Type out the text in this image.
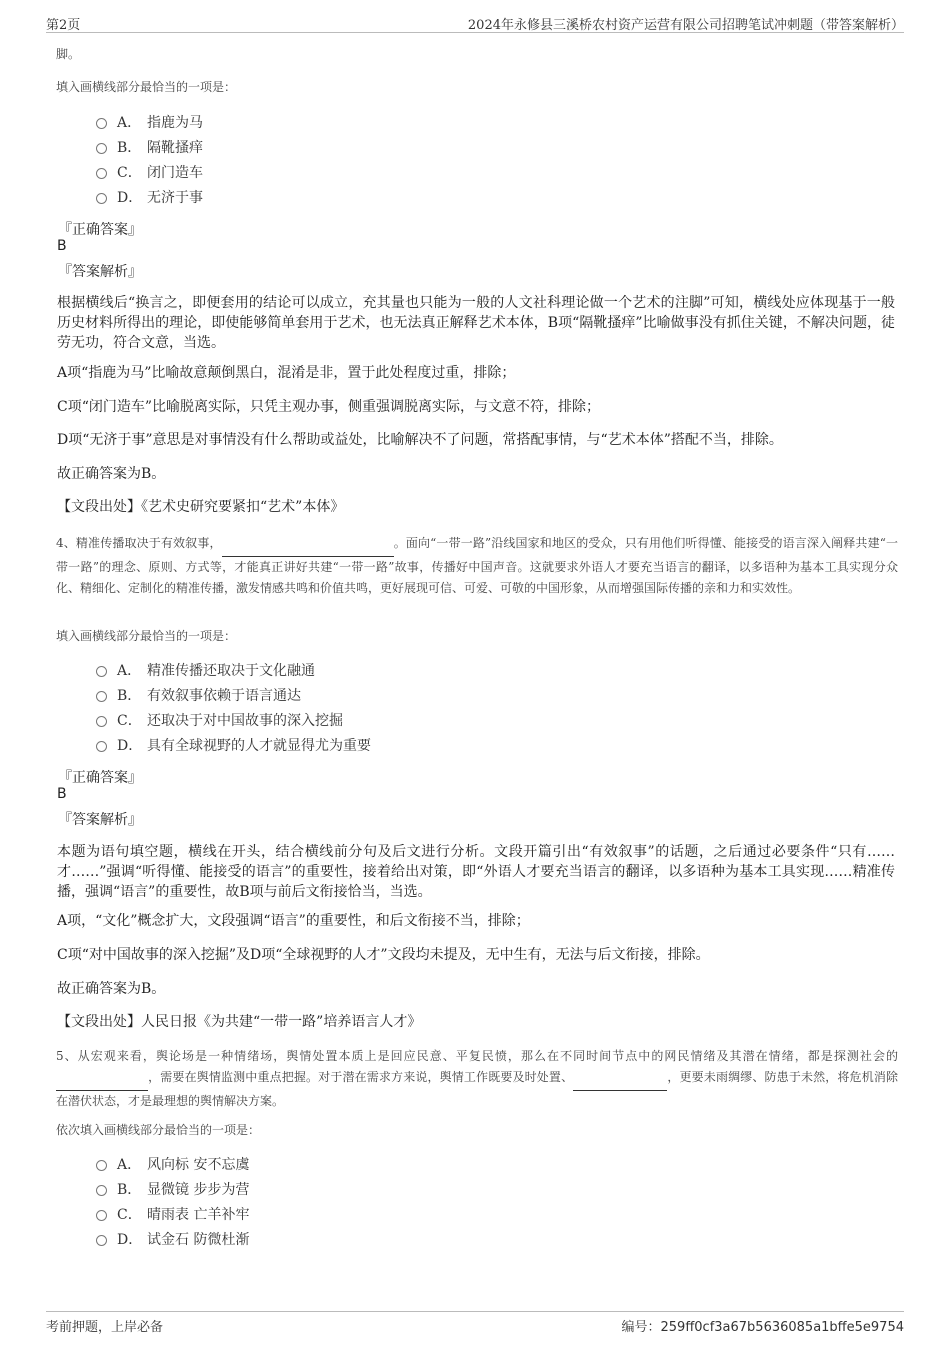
第2页	2024年永修县三溪桥农村资产运营有限公司招聘笔试冲刺题（带答案解析）
脚。
填入画横线部分最恰当的一项是：
A． 指鹿为马
B． 隔靴搔痒
C． 闭门造车
D． 无济于事
『正确答案』
B
『答案解析』
根据横线后“换言之，即便套用的结论可以成立，充其量也只能为一般的人文社科理论做一个艺术的注脚”可知，横线处应体现基于一般历史材料所得出的理论，即使能够简单套用于艺术，也无法真正解释艺术本体，B项“隔靴搔痒”比喻做事没有抓住关键，不解决问题，徒劳无功，符合文意，当选。
A项“指鹿为马”比喻故意颠倒黑白，混淆是非，置于此处程度过重，排除；
C项“闭门造车”比喻脱离实际，只凭主观办事，侧重强调脱离实际，与文意不符，排除；
D项“无济于事”意思是对事情没有什么帮助或益处，比喻解决不了问题，常搭配事情，与“艺术本体”搭配不当，排除。
故正确答案为B。
【文段出处】《艺术史研究要紧扣“艺术”本体》
4、精准传播取决于有效叙事，	。面向“一带一路”沿线国家和地区的受众，只有用他们听得懂、能接受的语言深入阐释共建“一带一路”的理念、原则、方式等，才能真正讲好共建“一带一路”故事，传播好中国声音。这就要求外语人才要充当语言的翻译，以多语种为基本工具实现分众化、精细化、定制化的精准传播，激发情感共鸣和价值共鸣，更好展现可信、可爱、可敬的中国形象，从而增强国际传播的亲和力和实效性。
填入画横线部分最恰当的一项是：
A． 精准传播还取决于文化融通
B． 有效叙事依赖于语言通达
C． 还取决于对中国故事的深入挖掘
D． 具有全球视野的人才就显得尤为重要
『正确答案』
B
『答案解析』
本题为语句填空题，横线在开头，结合横线前分句及后文进行分析。文段开篇引出“有效叙事”的话题，之后通过必要条件“只有……才……”强调“听得懂、能接受的语言”的重要性，接着给出对策，即“外语人才要充当语言的翻译，以多语种为基本工具实现……精准传播，强调“语言”的重要性，故B项与前后文衔接恰当，当选。
A项，“文化”概念扩大，文段强调“语言”的重要性，和后文衔接不当，排除；
C项“对中国故事的深入挖掘”及D项“全球视野的人才”文段均未提及，无中生有，无法与后文衔接，排除。
故正确答案为B。
【文段出处】人民日报《为共建“一带一路”培养语言人才》
5、从宏观来看，舆论场是一种情绪场，舆情处置本质上是回应民意、平复民愤，那么在不同时间节点中的网民情绪及其潜在情绪，都是探测社会的 ，需要在舆情监测中重点把握。对于潜在需求方来说，舆情工作既要及时处置、	，更要未雨绸缪、防患于未然，将危机消除在潜伏状态，才是最理想的舆情解决方案。
依次填入画横线部分最恰当的一项是：
A． 风向标 安不忘虞
B． 显微镜 步步为营
C． 晴雨表 亡羊补牢
D． 试金石 防微杜渐
考前押题，上岸必备	编号：259ff0cf3a67b5636085a1bffe5e9754
